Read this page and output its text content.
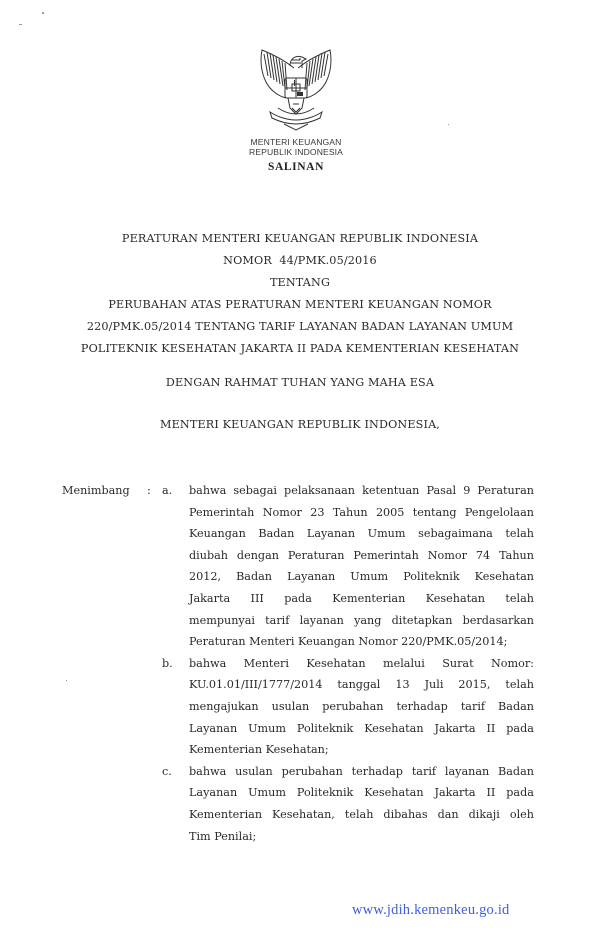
MENTERI KEUANGAN
REPUBLIK INDONESIA
SALINAN
PERATURAN MENTERI KEUANGAN REPUBLIK INDONESIA
NOMOR  44/PMK.05/2016
TENTANG
PERUBAHAN ATAS PERATURAN MENTERI KEUANGAN NOMOR
220/PMK.05/2014 TENTANG TARIF LAYANAN BADAN LAYANAN UMUM
POLITEKNIK KESEHATAN JAKARTA II PADA KEMENTERIAN KESEHATAN
DENGAN RAHMAT TUHAN YANG MAHA ESA
MENTERI KEUANGAN REPUBLIK INDONESIA,
Menimbang : a. bahwa sebagai pelaksanaan ketentuan Pasal 9 Peraturan
Pemerintah Nomor 23 Tahun 2005 tentang Pengelolaan
Keuangan Badan Layanan Umum sebagaimana telah
diubah dengan Peraturan Pemerintah Nomor 74 Tahun
2012, Badan Layanan Umum Politeknik Kesehatan
Jakarta III pada Kementerian Kesehatan telah
mempunyai tarif layanan yang ditetapkan berdasarkan
Peraturan Menteri Keuangan Nomor 220/PMK.05/2014;
b. bahwa Menteri Kesehatan melalui Surat Nomor:
KU.01.01/III/1777/2014 tanggal 13 Juli 2015, telah
mengajukan usulan perubahan terhadap tarif Badan
Layanan Umum Politeknik Kesehatan Jakarta II pada
Kementerian Kesehatan;
c. bahwa usulan perubahan terhadap tarif layanan Badan
Layanan Umum Politeknik Kesehatan Jakarta II pada
Kementerian Kesehatan, telah dibahas dan dikaji oleh
Tim Penilai;
www.jdih.kemenkeu.go.id
